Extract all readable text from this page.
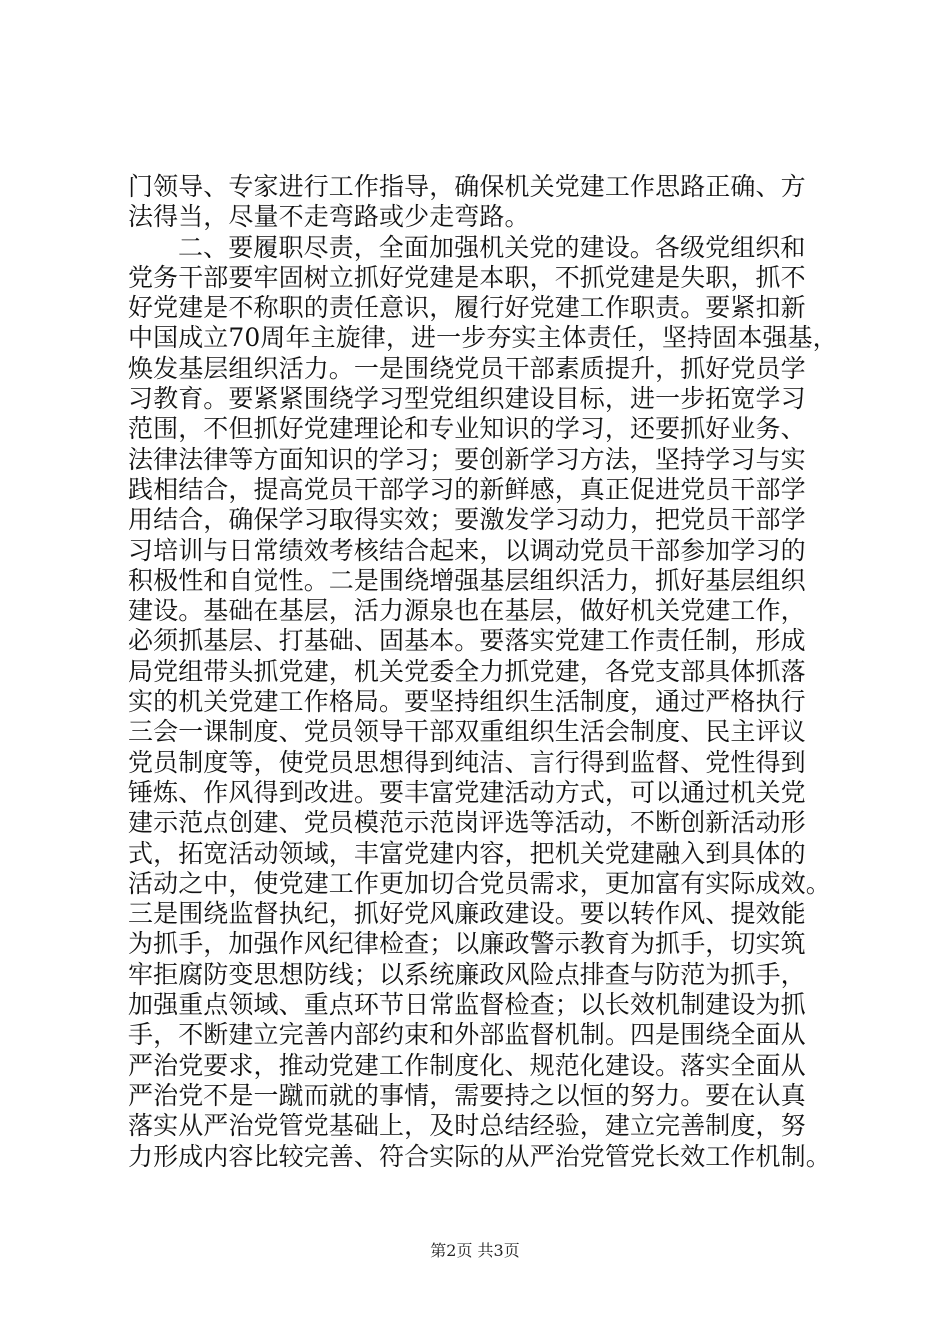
门领导、专家进行工作指导，确保机关党建工作思路正确、方
法得当，尽量不走弯路或少走弯路。
二、要履职尽责，全面加强机关党的建设。各级党组织和
党务干部要牢固树立抓好党建是本职，不抓党建是失职，抓不
好党建是不称职的责任意识，履行好党建工作职责。要紧扣新
中国成立70周年主旋律，进一步夯实主体责任，坚持固本强基，
焕发基层组织活力。一是围绕党员干部素质提升，抓好党员学
习教育。要紧紧围绕学习型党组织建设目标，进一步拓宽学习
范围，不但抓好党建理论和专业知识的学习，还要抓好业务、
法律法律等方面知识的学习；要创新学习方法，坚持学习与实
践相结合，提高党员干部学习的新鲜感，真正促进党员干部学
用结合，确保学习取得实效；要激发学习动力，把党员干部学
习培训与日常绩效考核结合起来，以调动党员干部参加学习的
积极性和自觉性。二是围绕增强基层组织活力，抓好基层组织
建设。基础在基层，活力源泉也在基层，做好机关党建工作，
必须抓基层、打基础、固基本。要落实党建工作责任制，形成
局党组带头抓党建，机关党委全力抓党建，各党支部具体抓落
实的机关党建工作格局。要坚持组织生活制度，通过严格执行
三会一课制度、党员领导干部双重组织生活会制度、民主评议
党员制度等，使党员思想得到纯洁、言行得到监督、党性得到
锤炼、作风得到改进。要丰富党建活动方式，可以通过机关党
建示范点创建、党员模范示范岗评选等活动，不断创新活动形
式，拓宽活动领域，丰富党建内容，把机关党建融入到具体的
活动之中，使党建工作更加切合党员需求，更加富有实际成效。
三是围绕监督执纪，抓好党风廉政建设。要以转作风、提效能
为抓手，加强作风纪律检查；以廉政警示教育为抓手，切实筑
牢拒腐防变思想防线；以系统廉政风险点排查与防范为抓手，
加强重点领域、重点环节日常监督检查；以长效机制建设为抓
手，不断建立完善内部约束和外部监督机制。四是围绕全面从
严治党要求，推动党建工作制度化、规范化建设。落实全面从
严治党不是一蹴而就的事情，需要持之以恒的努力。要在认真
落实从严治党管党基础上，及时总结经验，建立完善制度，努
力形成内容比较完善、符合实际的从严治党管党长效工作机制。
第2页 共3页
